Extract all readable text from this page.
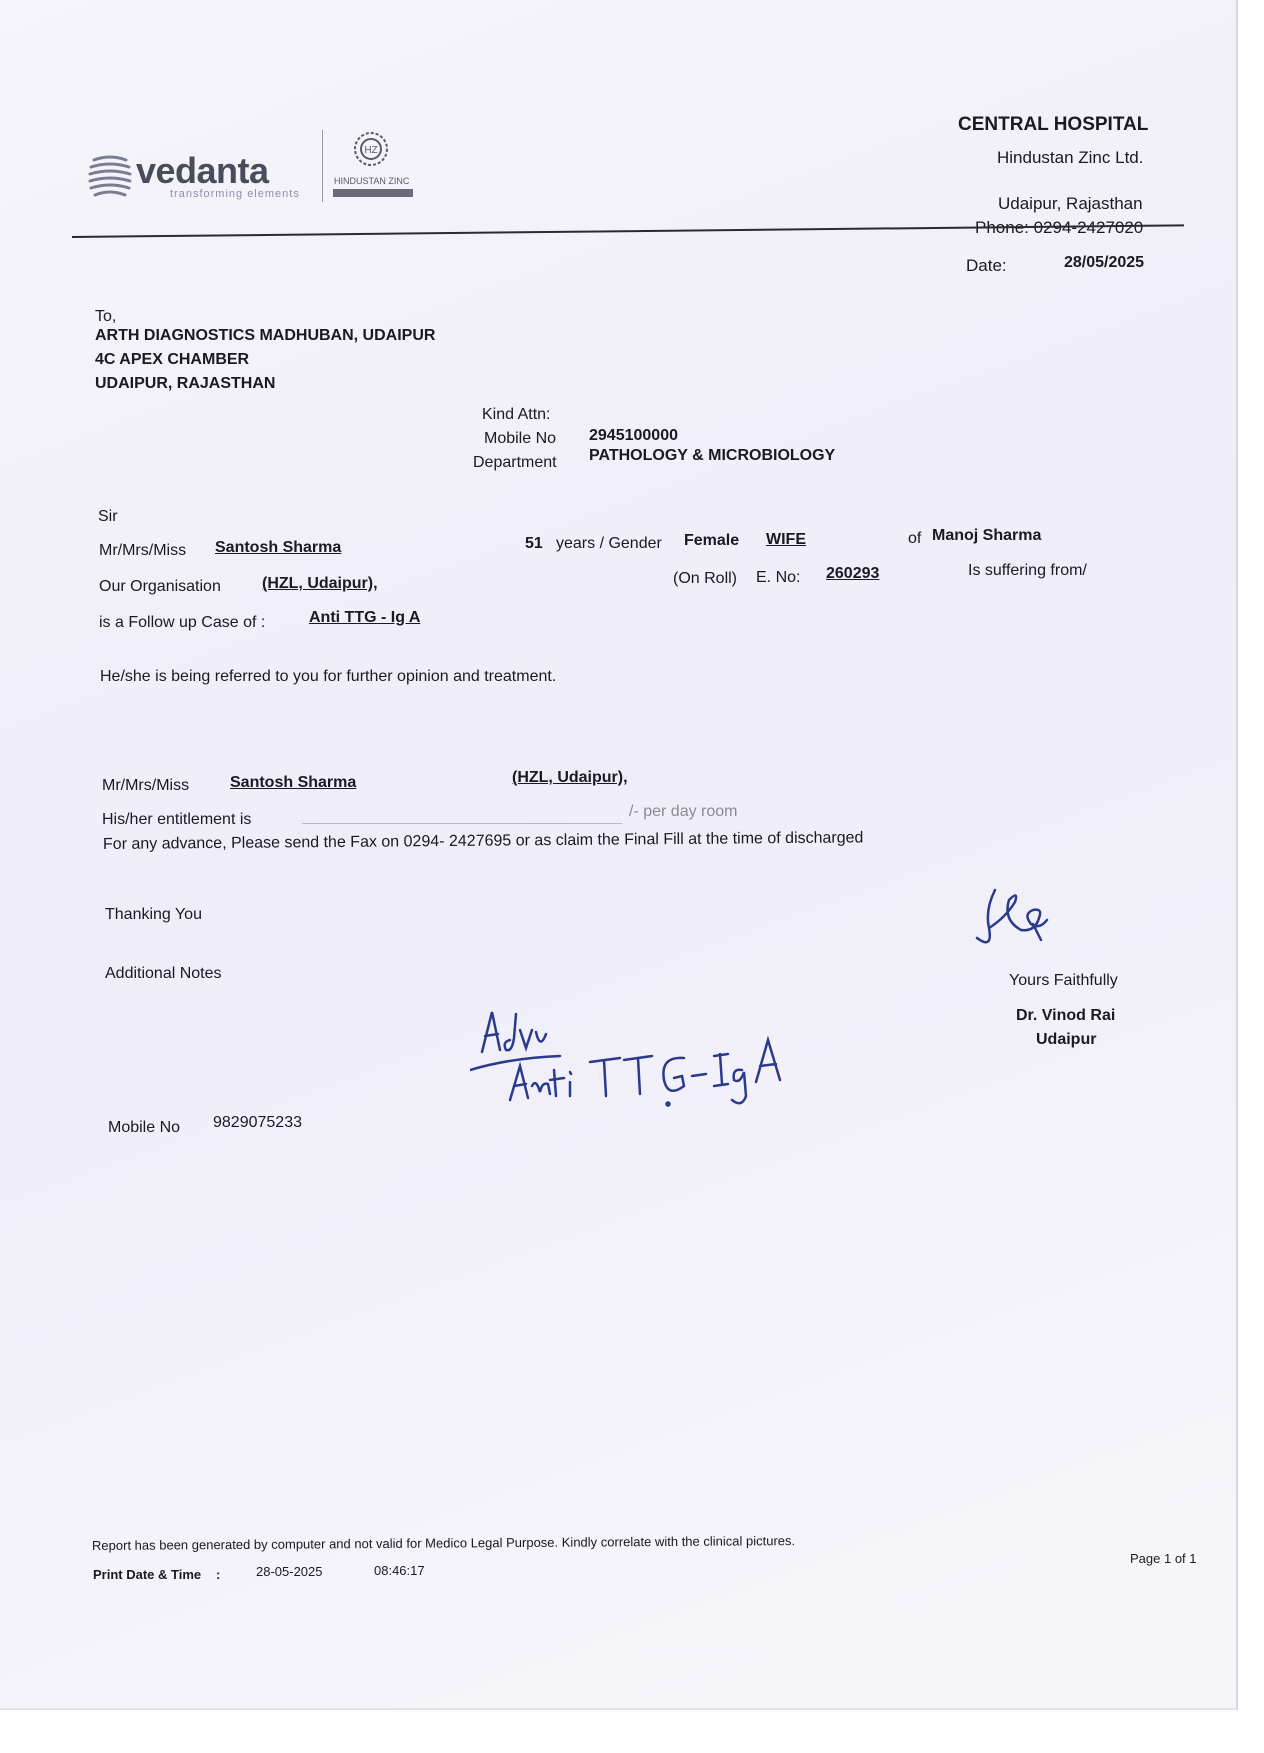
vedanta
transforming elements
HZ
HINDUSTAN ZINC
CENTRAL HOSPITAL
Hindustan Zinc Ltd.
Udaipur, Rajasthan
Phone: 0294-2427020
Date:	28/05/2025
To,
ARTH DIAGNOSTICS MADHUBAN, UDAIPUR
4C APEX CHAMBER
UDAIPUR, RAJASTHAN
Kind Attn:
Mobile No 2945100000
Department PATHOLOGY & MICROBIOLOGY
Sir
Mr/Mrs/Miss Santosh Sharma	51 years / Gender Female WIFE	of Manoj Sharma
Our Organisation	(HZL, Udaipur),	(On Roll) E. No: 260293	Is suffering from/
is a Follow up Case of :	Anti TTG - Ig A
He/she is being referred to you for further opinion and treatment.
Mr/Mrs/Miss	Santosh Sharma	(HZL, Udaipur),
His/her entitlement is	/- per day room
For any advance, Please send the Fax on 0294- 2427695 or as claim the Final Fill at the time of discharged
Thanking You
Additional Notes	Yours Faithfully
Dr. Vinod Rai
Udaipur
Mobile No 9829075233
Report has been generated by computer and not valid for Medico Legal Purpose. Kindly correlate with the clinical pictures.
Print Date & Time :	28-05-2025	08:46:17
Page 1 of 1
